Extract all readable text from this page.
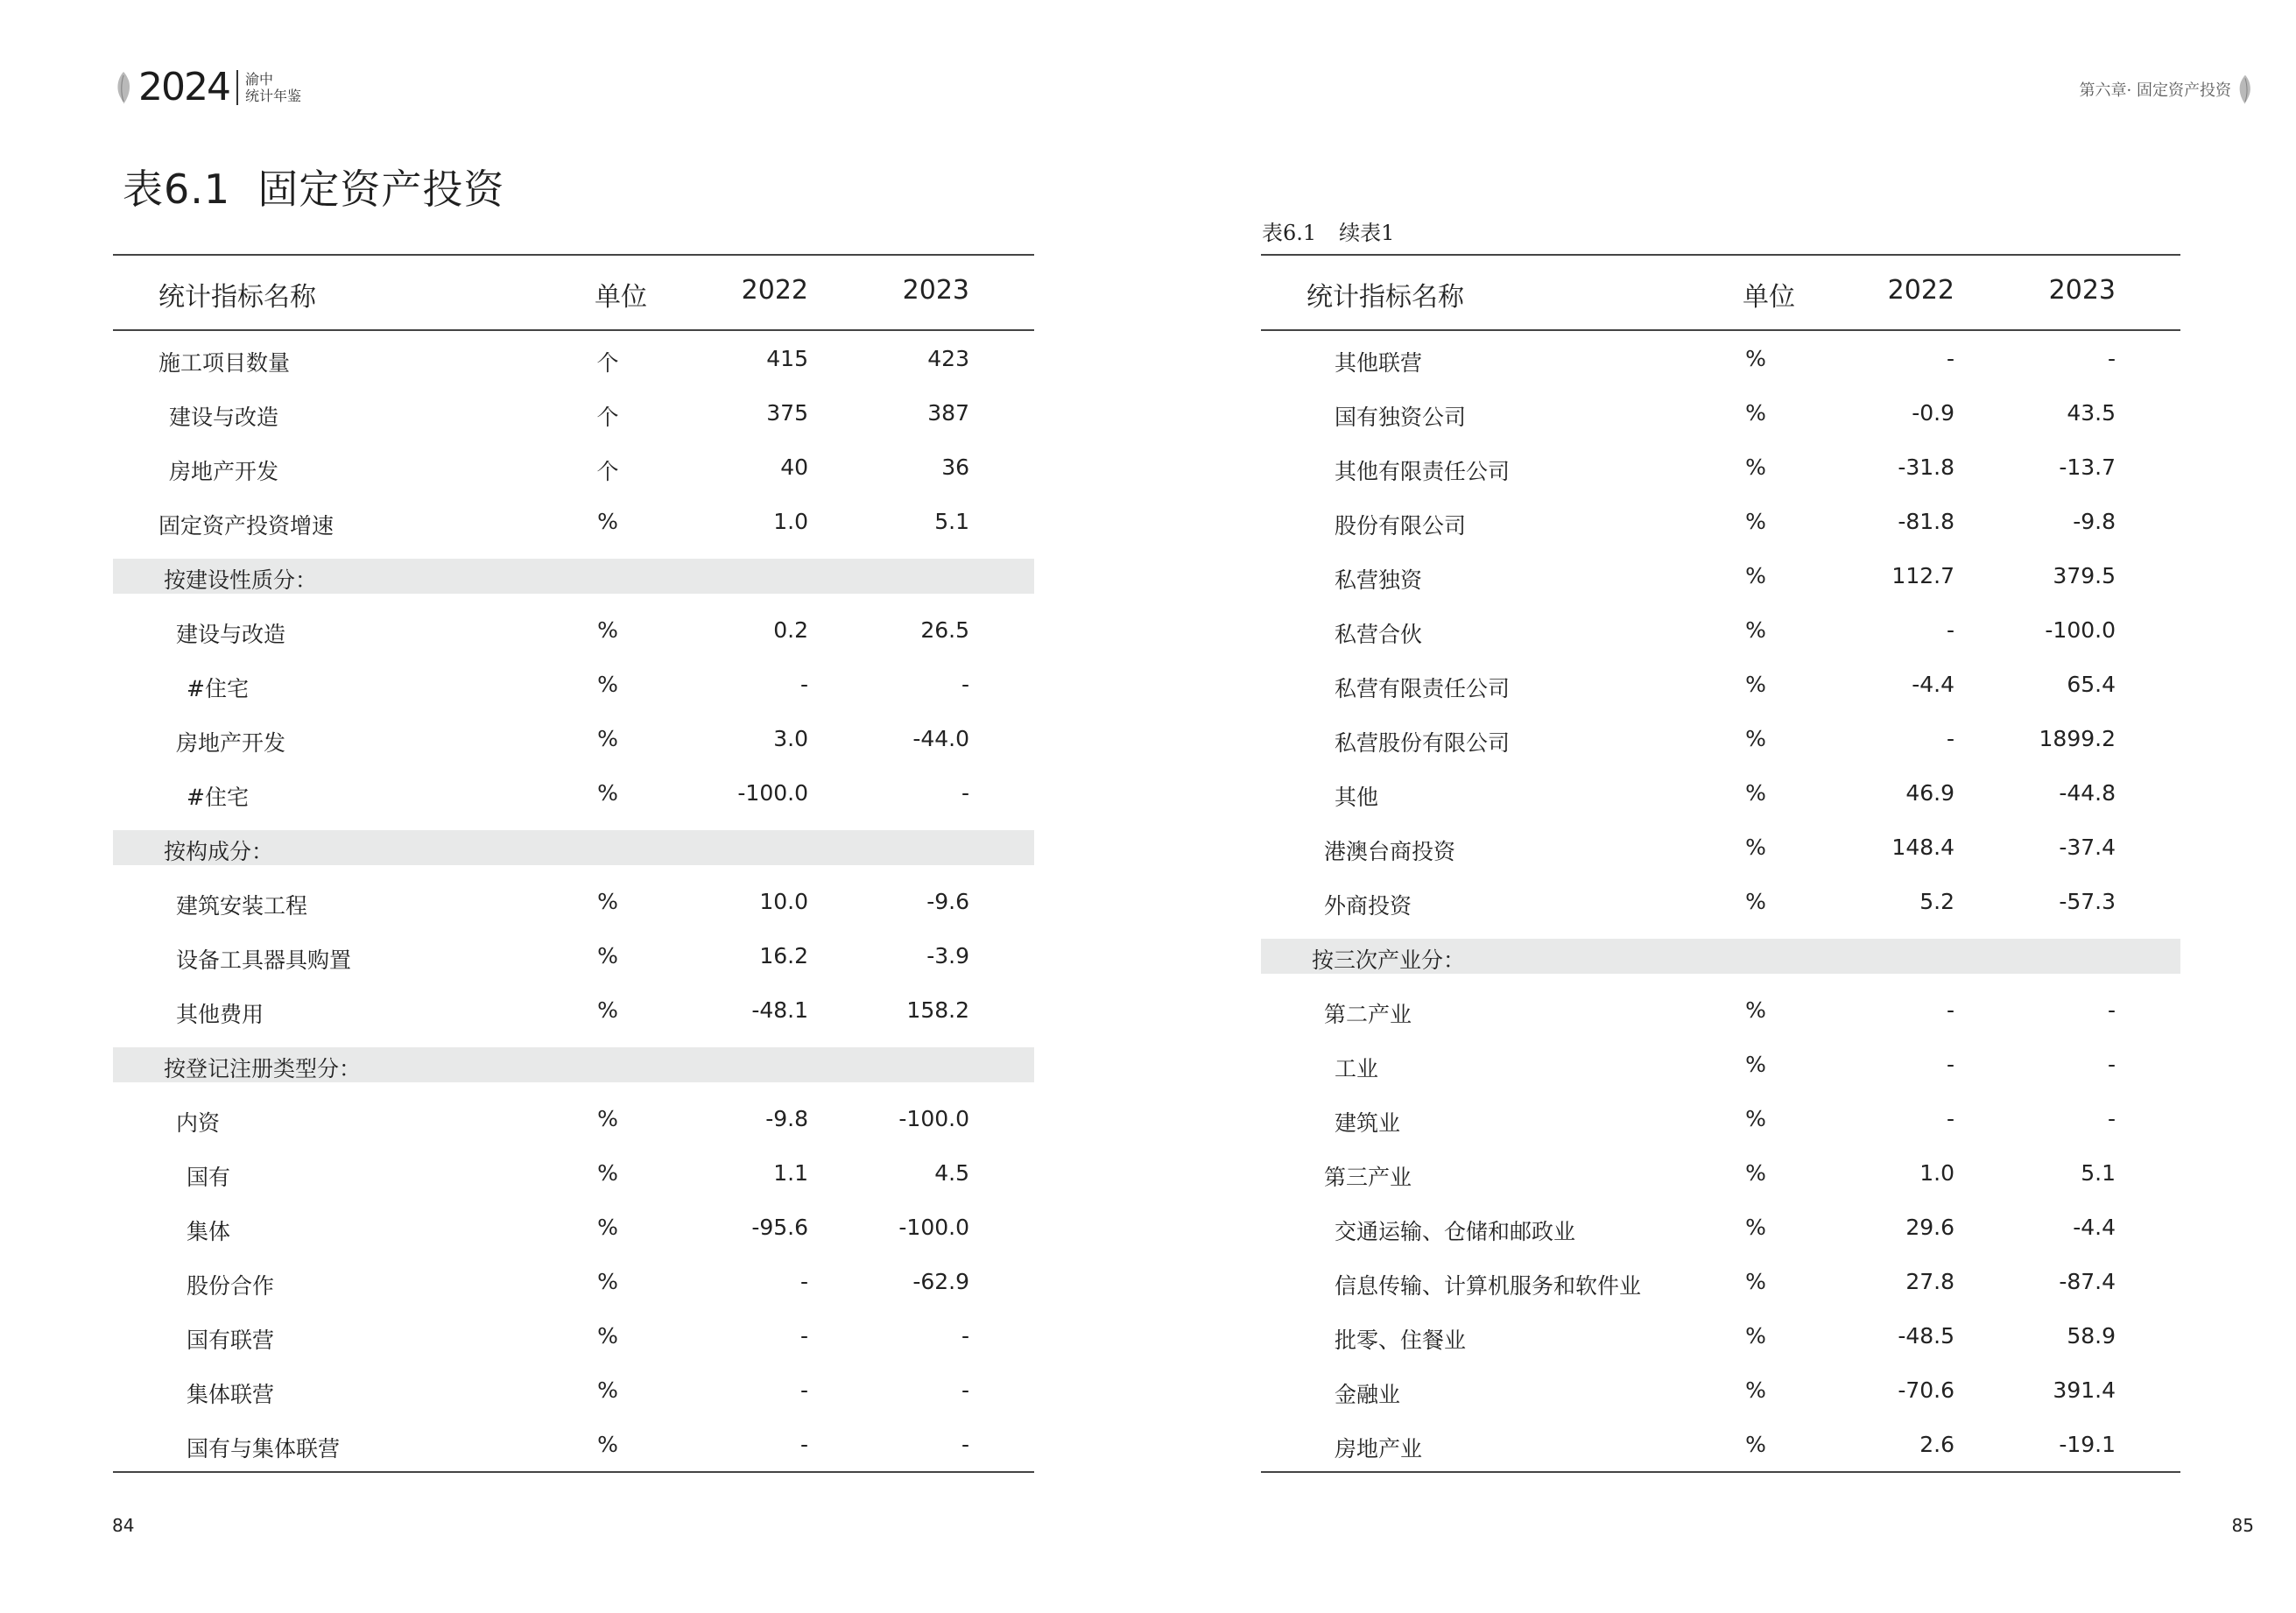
2024 渝中
统计年鉴
表6.1 固定资产投资
统计指标名称	单位	2022	2023
施工项目数量	个	415	423
建设与改造	个	375	387
房地产开发	个	40	36
固定资产投资增速	%	1.0	5.1
按建设性质分：
建设与改造	%	0.2	26.5
#住宅	%	-	-
房地产开发	%	3.0	-44.0
#住宅	%	-100.0	-
按构成分：
建筑安装工程	%	10.0	-9.6
设备工具器具购置	%	16.2	-3.9
其他费用	%	-48.1	158.2
按登记注册类型分：
内资	%	-9.8	-100.0
国有	%	1.1	4.5
集体	%	-95.6	-100.0
股份合作	%	-	-62.9
国有联营	%	-	-
集体联营	%	-	-
国有与集体联营	%	-	-
84
第六章· 固定资产投资
表6.1 续表1
统计指标名称	单位	2022	2023
其他联营	%	-	-
国有独资公司	%	-0.9	43.5
其他有限责任公司	%	-31.8	-13.7
股份有限公司	%	-81.8	-9.8
私营独资	%	112.7	379.5
私营合伙	%	-	-100.0
私营有限责任公司	%	-4.4	65.4
私营股份有限公司	%	-	1899.2
其他	%	46.9	-44.8
港澳台商投资	%	148.4	-37.4
外商投资	%	5.2	-57.3
按三次产业分：
第二产业	%	-	-
工业	%	-	-
建筑业	%	-	-
第三产业	%	1.0	5.1
交通运输、仓储和邮政业	%	29.6	-4.4
信息传输、计算机服务和软件业	%	27.8	-87.4
批零、住餐业	%	-48.5	58.9
金融业	%	-70.6	391.4
房地产业	%	2.6	-19.1
85
